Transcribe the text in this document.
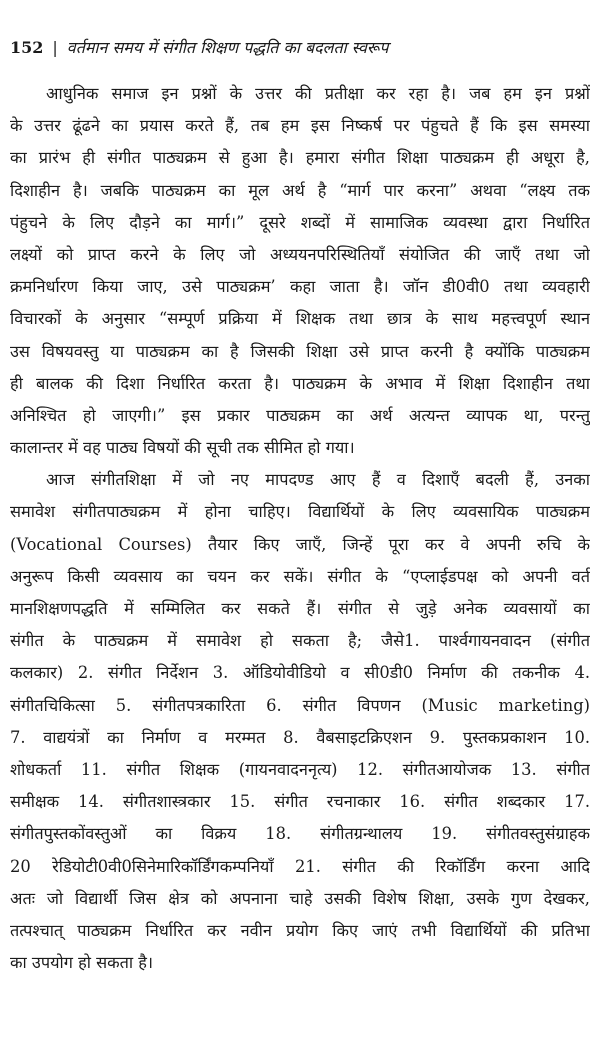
152 | वर्तमान समय में संगीत शिक्षण पद्धति का बदलता स्वरूप
आधुनिक समाज इन प्रश्नों के उत्तर की प्रतीक्षा कर रहा है। जब हम इन प्रश्नों
के उत्तर ढूंढने का प्रयास करते हैं, तब हम इस निष्कर्ष पर पंहुचते हैं कि इस समस्या
का प्रारंभ ही संगीत पाठ्यक्रम से हुआ है। हमारा संगीत शिक्षा पाठ्यक्रम ही अधूरा है,
दिशाहीन है। जबकि पाठ्यक्रम का मूल अर्थ है “मार्ग पार करना” अथवा “लक्ष्य तक
पंहुचने के लिए दौड़ने का मार्ग।” दूसरे शब्दों में सामाजिक व्यवस्था द्वारा निर्धारित
लक्ष्यों को प्राप्त करने के लिए जो अध्ययनपरिस्थितियाँ संयोजित की जाएँ तथा जो
क्रमनिर्धारण किया जाए, उसे पाठ्यक्रम’ कहा जाता है। जॉन डी0वी0 तथा व्यवहारी
विचारकों के अनुसार “सम्पूर्ण प्रक्रिया में शिक्षक तथा छात्र के साथ महत्त्वपूर्ण स्थान
उस विषयवस्तु या पाठ्यक्रम का है जिसकी शिक्षा उसे प्राप्त करनी है क्योंकि पाठ्यक्रम
ही बालक की दिशा निर्धारित करता है। पाठ्यक्रम के अभाव में शिक्षा दिशाहीन तथा
अनिश्चित हो जाएगी।” इस प्रकार पाठ्यक्रम का अर्थ अत्यन्त व्यापक था, परन्तु
कालान्तर में वह पाठ्य विषयों की सूची तक सीमित हो गया।
आज संगीतशिक्षा में जो नए मापदण्ड आए हैं व दिशाएँ बदली हैं, उनका
समावेश संगीतपाठ्यक्रम में होना चाहिए। विद्यार्थियों के लिए व्यवसायिक पाठ्यक्रम
(Vocational Courses) तैयार किए जाएँ, जिन्हें पूरा कर वे अपनी रुचि के
अनुरूप किसी व्यवसाय का चयन कर सकें। संगीत के “एप्लाईडपक्ष को अपनी वर्त
मानशिक्षणपद्धति में सम्मिलित कर सकते हैं। संगीत से जुड़े अनेक व्यवसायों का
संगीत के पाठ्यक्रम में समावेश हो सकता है; जैसे1. पार्श्वगायनवादन (संगीत
कलकार) 2. संगीत निर्देशन 3. ऑडियोवीडियो व सी0डी0 निर्माण की तकनीक 4.
संगीतचिकित्सा 5. संगीतपत्रकारिता 6. संगीत विपणन (Music marketing)
7. वाद्ययंत्रों का निर्माण व मरम्मत 8. वैबसाइटक्रिएशन 9. पुस्तकप्रकाशन 10.
शोधकर्ता 11. संगीत शिक्षक (गायनवादननृत्य) 12. संगीतआयोजक 13. संगीत
समीक्षक 14. संगीतशास्त्रकार 15. संगीत रचनाकार 16. संगीत शब्दकार 17.
संगीतपुस्तकोंवस्तुओं का विक्रय 18. संगीतग्रन्थालय 19. संगीतवस्तुसंग्राहक
20 रेडियोटी0वी0सिनेमारिकॉर्डिंगकम्पनियाँ 21. संगीत की रिकॉर्डिंग करना आदि
अतः जो विद्यार्थी जिस क्षेत्र को अपनाना चाहे उसकी विशेष शिक्षा, उसके गुण देखकर,
तत्पश्चात् पाठ्यक्रम निर्धारित कर नवीन प्रयोग किए जाएं तभी विद्यार्थियों की प्रतिभा
का उपयोग हो सकता है।
